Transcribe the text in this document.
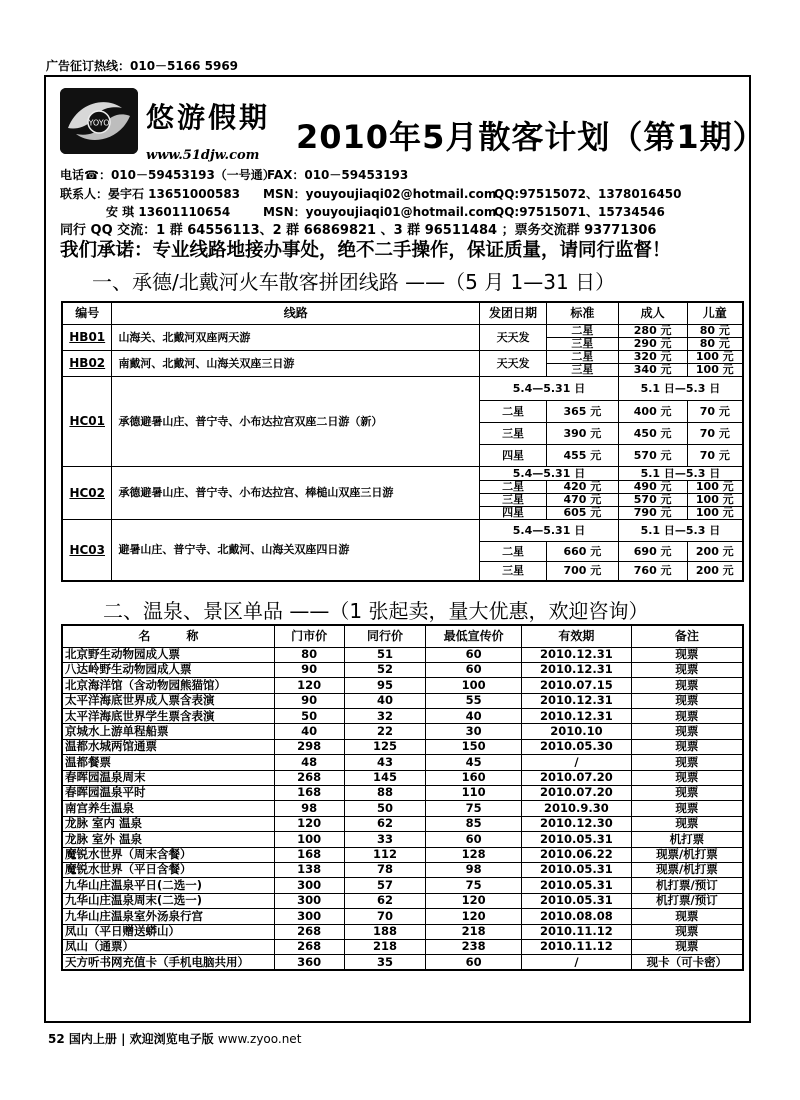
广告征订热线：010－5166 5969
YOYO 悠游假期
www.51djw.com 2010年5月散客计划（第1期）
电话☎：010－59453193（一号通）
FAX：010－59453193
联系人：晏宇石 13651000583 MSN：youyoujiaqi02@hotmail.com
QQ:97515072、1378016450
安 琪 13601110654	MSN：youyoujiaqi01@hotmail.com
QQ:97515071、15734546
同行 QQ 交流：1 群 64556113、2 群 66869821 、3 群 96511484 ；票务交流群 93771306
我们承诺：专业线路地接办事处，绝不二手操作，保证质量，请同行监督！
一、承德/北戴河火车散客拼团线路 ——（5 月 1—31 日）
编号	线路	发团日期	标准	成人	儿童
HB01	山海关、北戴河双座两天游	天天发	二星	280 元	80 元
			三星	290 元	80 元
HB02	南戴河、北戴河、山海关双座三日游	天天发	二星	320 元	100 元
			三星	340 元	100 元
HC01	承德避暑山庄、普宁寺、小布达拉宫双座二日游（新）	5.4—5.31 日		5.1 日—5.3 日	
		二星	365 元	400 元	70 元
		三星	390 元	450 元	70 元
		四星	455 元	570 元	70 元
HC02	承德避暑山庄、普宁寺、小布达拉宫、棒槌山双座三日游	5.4—5.31 日		5.1 日—5.3 日	
		二星	420 元	490 元	100 元
		三星	470 元	570 元	100 元
		四星	605 元	790 元	100 元
HC03	避暑山庄、普宁寺、北戴河、山海关双座四日游	5.4—5.31 日		5.1 日—5.3 日	
		二星	660 元	690 元	200 元
		三星	700 元	760 元	200 元
二、温泉、景区单品 ——（1 张起卖，量大优惠，欢迎咨询）
名　　　称	门市价	同行价	最低宣传价	有效期	备注
北京野生动物园成人票	80	51	60	2010.12.31	现票
八达岭野生动物园成人票	90	52	60	2010.12.31	现票
北京海洋馆（含动物园熊猫馆）	120	95	100	2010.07.15	现票
太平洋海底世界成人票含表演	90	40	55	2010.12.31	现票
太平洋海底世界学生票含表演	50	32	40	2010.12.31	现票
京城水上游单程船票	40	22	30	2010.10	现票
温都水城两馆通票	298	125	150	2010.05.30	现票
温都餐票	48	43	45	/	现票
春晖园温泉周末	268	145	160	2010.07.20	现票
春晖园温泉平时	168	88	110	2010.07.20	现票
南宫养生温泉	98	50	75	2010.9.30	现票
龙脉 室内 温泉	120	62	85	2010.12.30	现票
龙脉 室外 温泉	100	33	60	2010.05.31	机打票
魔锐水世界（周末含餐）	168	112	128	2010.06.22	现票/机打票
魔锐水世界（平日含餐）	138	78	98	2010.05.31	现票/机打票
九华山庄温泉平日(二选一)	300	57	75	2010.05.31	机打票/预订
九华山庄温泉周末(二选一)	300	62	120	2010.05.31	机打票/预订
九华山庄温泉室外汤泉行宫	300	70	120	2010.08.08	现票
凤山（平日赠送蟒山）	268	188	218	2010.11.12	现票
凤山（通票）	268	218	238	2010.11.12	现票
天方听书网充值卡（手机电脑共用）	360	35	60	/	现卡（可卡密）
52 国内上册 | 欢迎浏览电子版 www.zyoo.net
